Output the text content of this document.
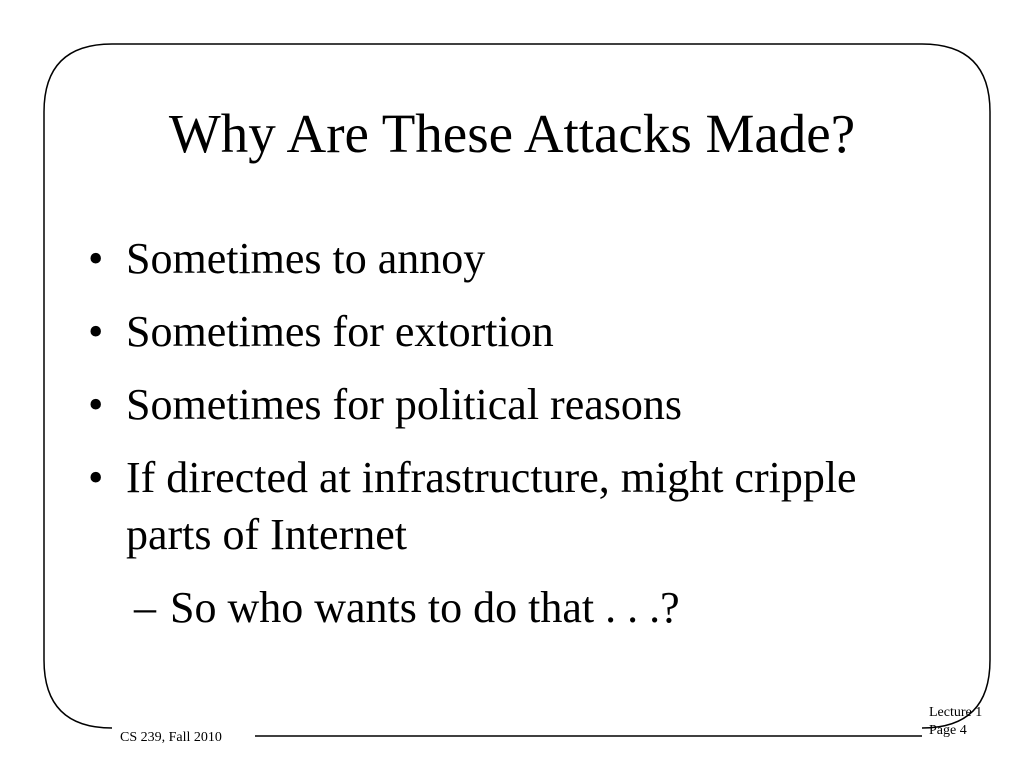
Why Are These Attacks Made?
• Sometimes to annoy
• Sometimes for extortion
• Sometimes for political reasons
• If directed at infrastructure, might cripple parts of Internet
– So who wants to do that . . .?
CS 239, Fall 2010
Lecture 1
Page 4
